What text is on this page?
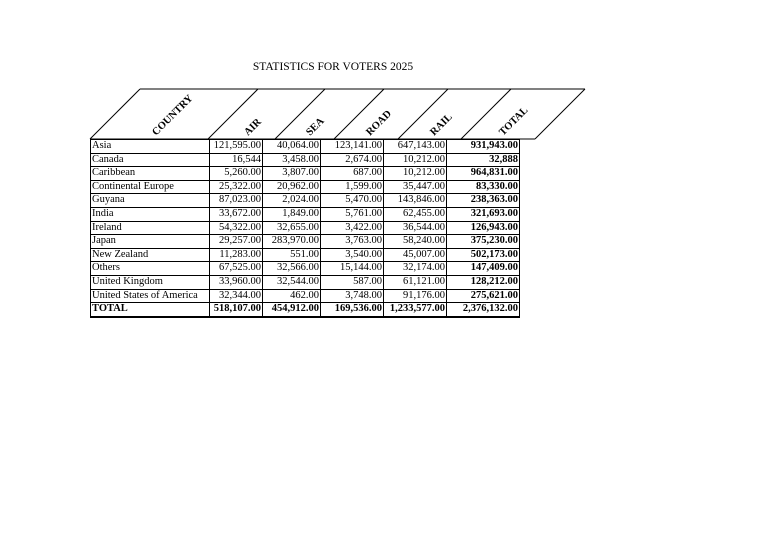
STATISTICS FOR VOTERS 2025
COUNTRY	AIR	SEA	ROAD	RAIL	TOTAL
Asia	121,595.00	40,064.00	123,141.00	647,143.00	931,943.00
Canada	16,544	3,458.00	2,674.00	10,212.00	32,888
Caribbean	5,260.00	3,807.00	687.00	10,212.00	964,831.00
Continental Europe	25,322.00	20,962.00	1,599.00	35,447.00	83,330.00
Guyana	87,023.00	2,024.00	5,470.00	143,846.00	238,363.00
India	33,672.00	1,849.00	5,761.00	62,455.00	321,693.00
Ireland	54,322.00	32,655.00	3,422.00	36,544.00	126,943.00
Japan	29,257.00	283,970.00	3,763.00	58,240.00	375,230.00
New Zealand	11,283.00	551.00	3,540.00	45,007.00	502,173.00
Others	67,525.00	32,566.00	15,144.00	32,174.00	147,409.00
United Kingdom	33,960.00	32,544.00	587.00	61,121.00	128,212.00
United States of America	32,344.00	462.00	3,748.00	91,176.00	275,621.00
TOTAL	518,107.00	454,912.00	169,536.00	1,233,577.00	2,376,132.00
